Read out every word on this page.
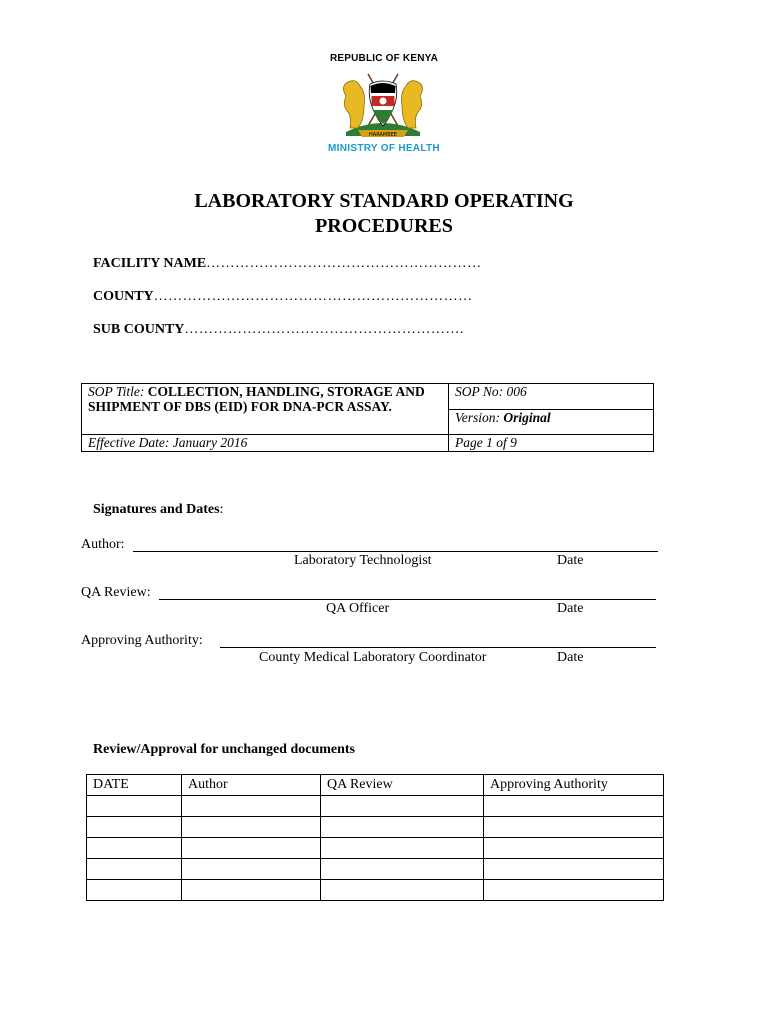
REPUBLIC OF KENYA
HARAMBEE
MINISTRY OF HEALTH
LABORATORY STANDARD OPERATING
PROCEDURES
FACILITY NAME…………………………………………………
COUNTY…………………………………………………………
SUB COUNTY………………………………………………….
SOP Title: COLLECTION, HANDLING, STORAGE AND SHIPMENT OF DBS (EID) FOR DNA-PCR ASSAY.	SOP No: 006
	Version: Original
Effective Date: January 2016	Page 1 of 9
Signatures and Dates:
Author:
Laboratory Technologist	Date
QA Review:
QA Officer	Date
Approving Authority:
County Medical Laboratory Coordinator	Date
Review/Approval for unchanged documents
DATE	Author	QA Review	Approving Authority
